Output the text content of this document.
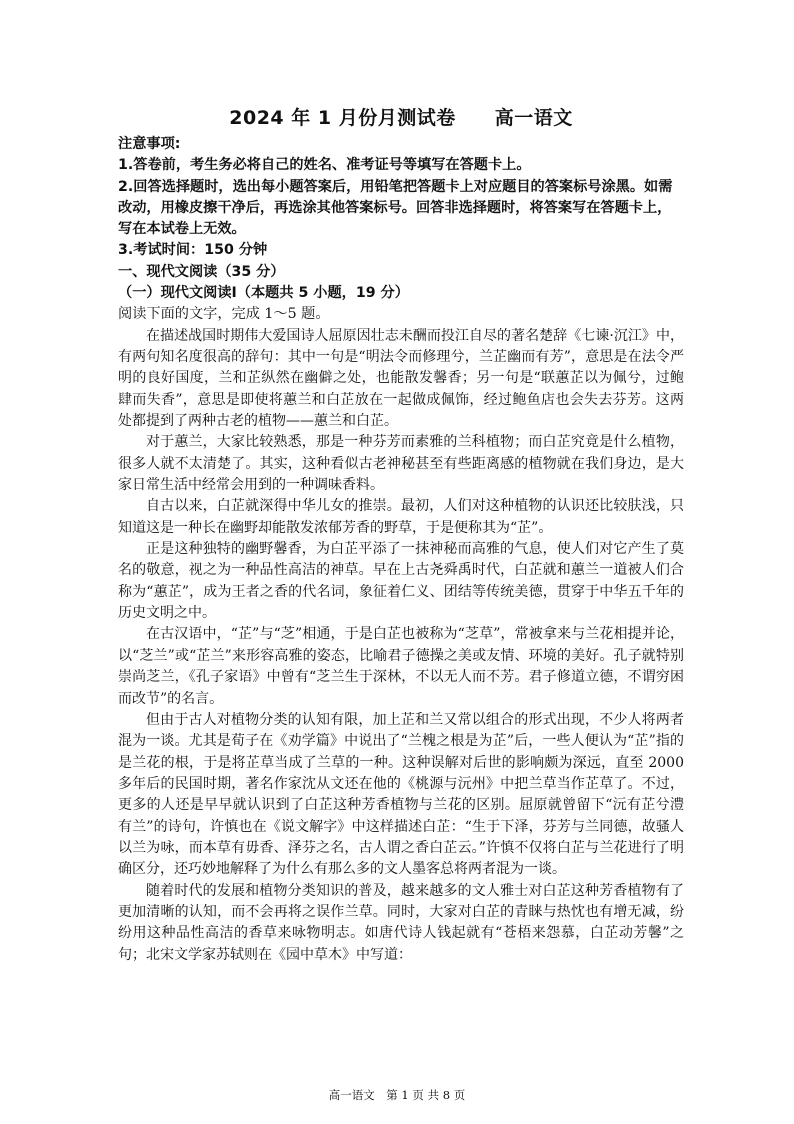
2024 年 1 月份月测试卷　　高一语文

注意事项:

1.答卷前，考生务必将自己的姓名、准考证号等填写在答题卡上。

2.回答选择题时，选出每小题答案后，用铅笔把答题卡上对应题目的答案标号涂黑。如需改动，用橡皮擦干净后，再选涂其他答案标号。回答非选择题时，将答案写在答题卡上，写在本试卷上无效。

3.考试时间：150 分钟

一、现代文阅读（35 分）

（一）现代文阅读Ⅰ（本题共 5 小题，19 分）

阅读下面的文字，完成 1～5 题。

在描述战国时期伟大爱国诗人屈原因壮志未酬而投江自尽的著名楚辞《七谏·沉江》中，有两句知名度很高的辞句：其中一句是“明法令而修理兮，兰芷幽而有芳”，意思是在法令严明的良好国度，兰和芷纵然在幽僻之处，也能散发馨香；另一句是“联蕙芷以为佩兮，过鲍肆而失香”，意思是即使将蕙兰和白芷放在一起做成佩饰，经过鲍鱼店也会失去芬芳。这两处都提到了两种古老的植物——蕙兰和白芷。

对于蕙兰，大家比较熟悉，那是一种芬芳而素雅的兰科植物；而白芷究竟是什么植物，很多人就不太清楚了。其实，这种看似古老神秘甚至有些距离感的植物就在我们身边，是大家日常生活中经常会用到的一种调味香料。

自古以来，白芷就深得中华儿女的推崇。最初，人们对这种植物的认识还比较肤浅，只知道这是一种长在幽野却能散发浓郁芳香的野草，于是便称其为“芷”。

正是这种独特的幽野馨香，为白芷平添了一抹神秘而高雅的气息，使人们对它产生了莫名的敬意，视之为一种品性高洁的神草。早在上古尧舜禹时代，白芷就和蕙兰一道被人们合称为“蕙芷”，成为王者之香的代名词，象征着仁义、团结等传统美德，贯穿于中华五千年的历史文明之中。

在古汉语中，“芷”与“芝”相通，于是白芷也被称为“芝草”，常被拿来与兰花相提并论，以“芝兰”或“芷兰”来形容高雅的姿态，比喻君子德操之美或友情、环境的美好。孔子就特别崇尚芝兰，《孔子家语》中曾有“芝兰生于深林，不以无人而不芳。君子修道立德，不谓穷困而改节”的名言。

但由于古人对植物分类的认知有限，加上芷和兰又常以组合的形式出现，不少人将两者混为一谈。尤其是荀子在《劝学篇》中说出了“兰槐之根是为芷”后，一些人便认为“芷”指的是兰花的根，于是将芷草当成了兰草的一种。这种误解对后世的影响颇为深远，直至 2000 多年后的民国时期，著名作家沈从文还在他的《桃源与沅州》中把兰草当作芷草了。不过，更多的人还是早早就认识到了白芷这种芳香植物与兰花的区别。屈原就曾留下“沅有芷兮澧有兰”的诗句，许慎也在《说文解字》中这样描述白芷：“生于下泽，芬芳与兰同德，故骚人以兰为咏，而本草有毋香、泽芬之名，古人谓之香白芷云。”许慎不仅将白芷与兰花进行了明确区分，还巧妙地解释了为什么有那么多的文人墨客总将两者混为一谈。

随着时代的发展和植物分类知识的普及，越来越多的文人雅士对白芷这种芳香植物有了更加清晰的认知，而不会再将之误作兰草。同时，大家对白芷的青睐与热忱也有增无减，纷纷用这种品性高洁的香草来咏物明志。如唐代诗人钱起就有“苍梧来怨慕，白芷动芳馨”之句；北宋文学家苏轼则在《园中草木》中写道：

高一语文　第 1 页 共 8 页
